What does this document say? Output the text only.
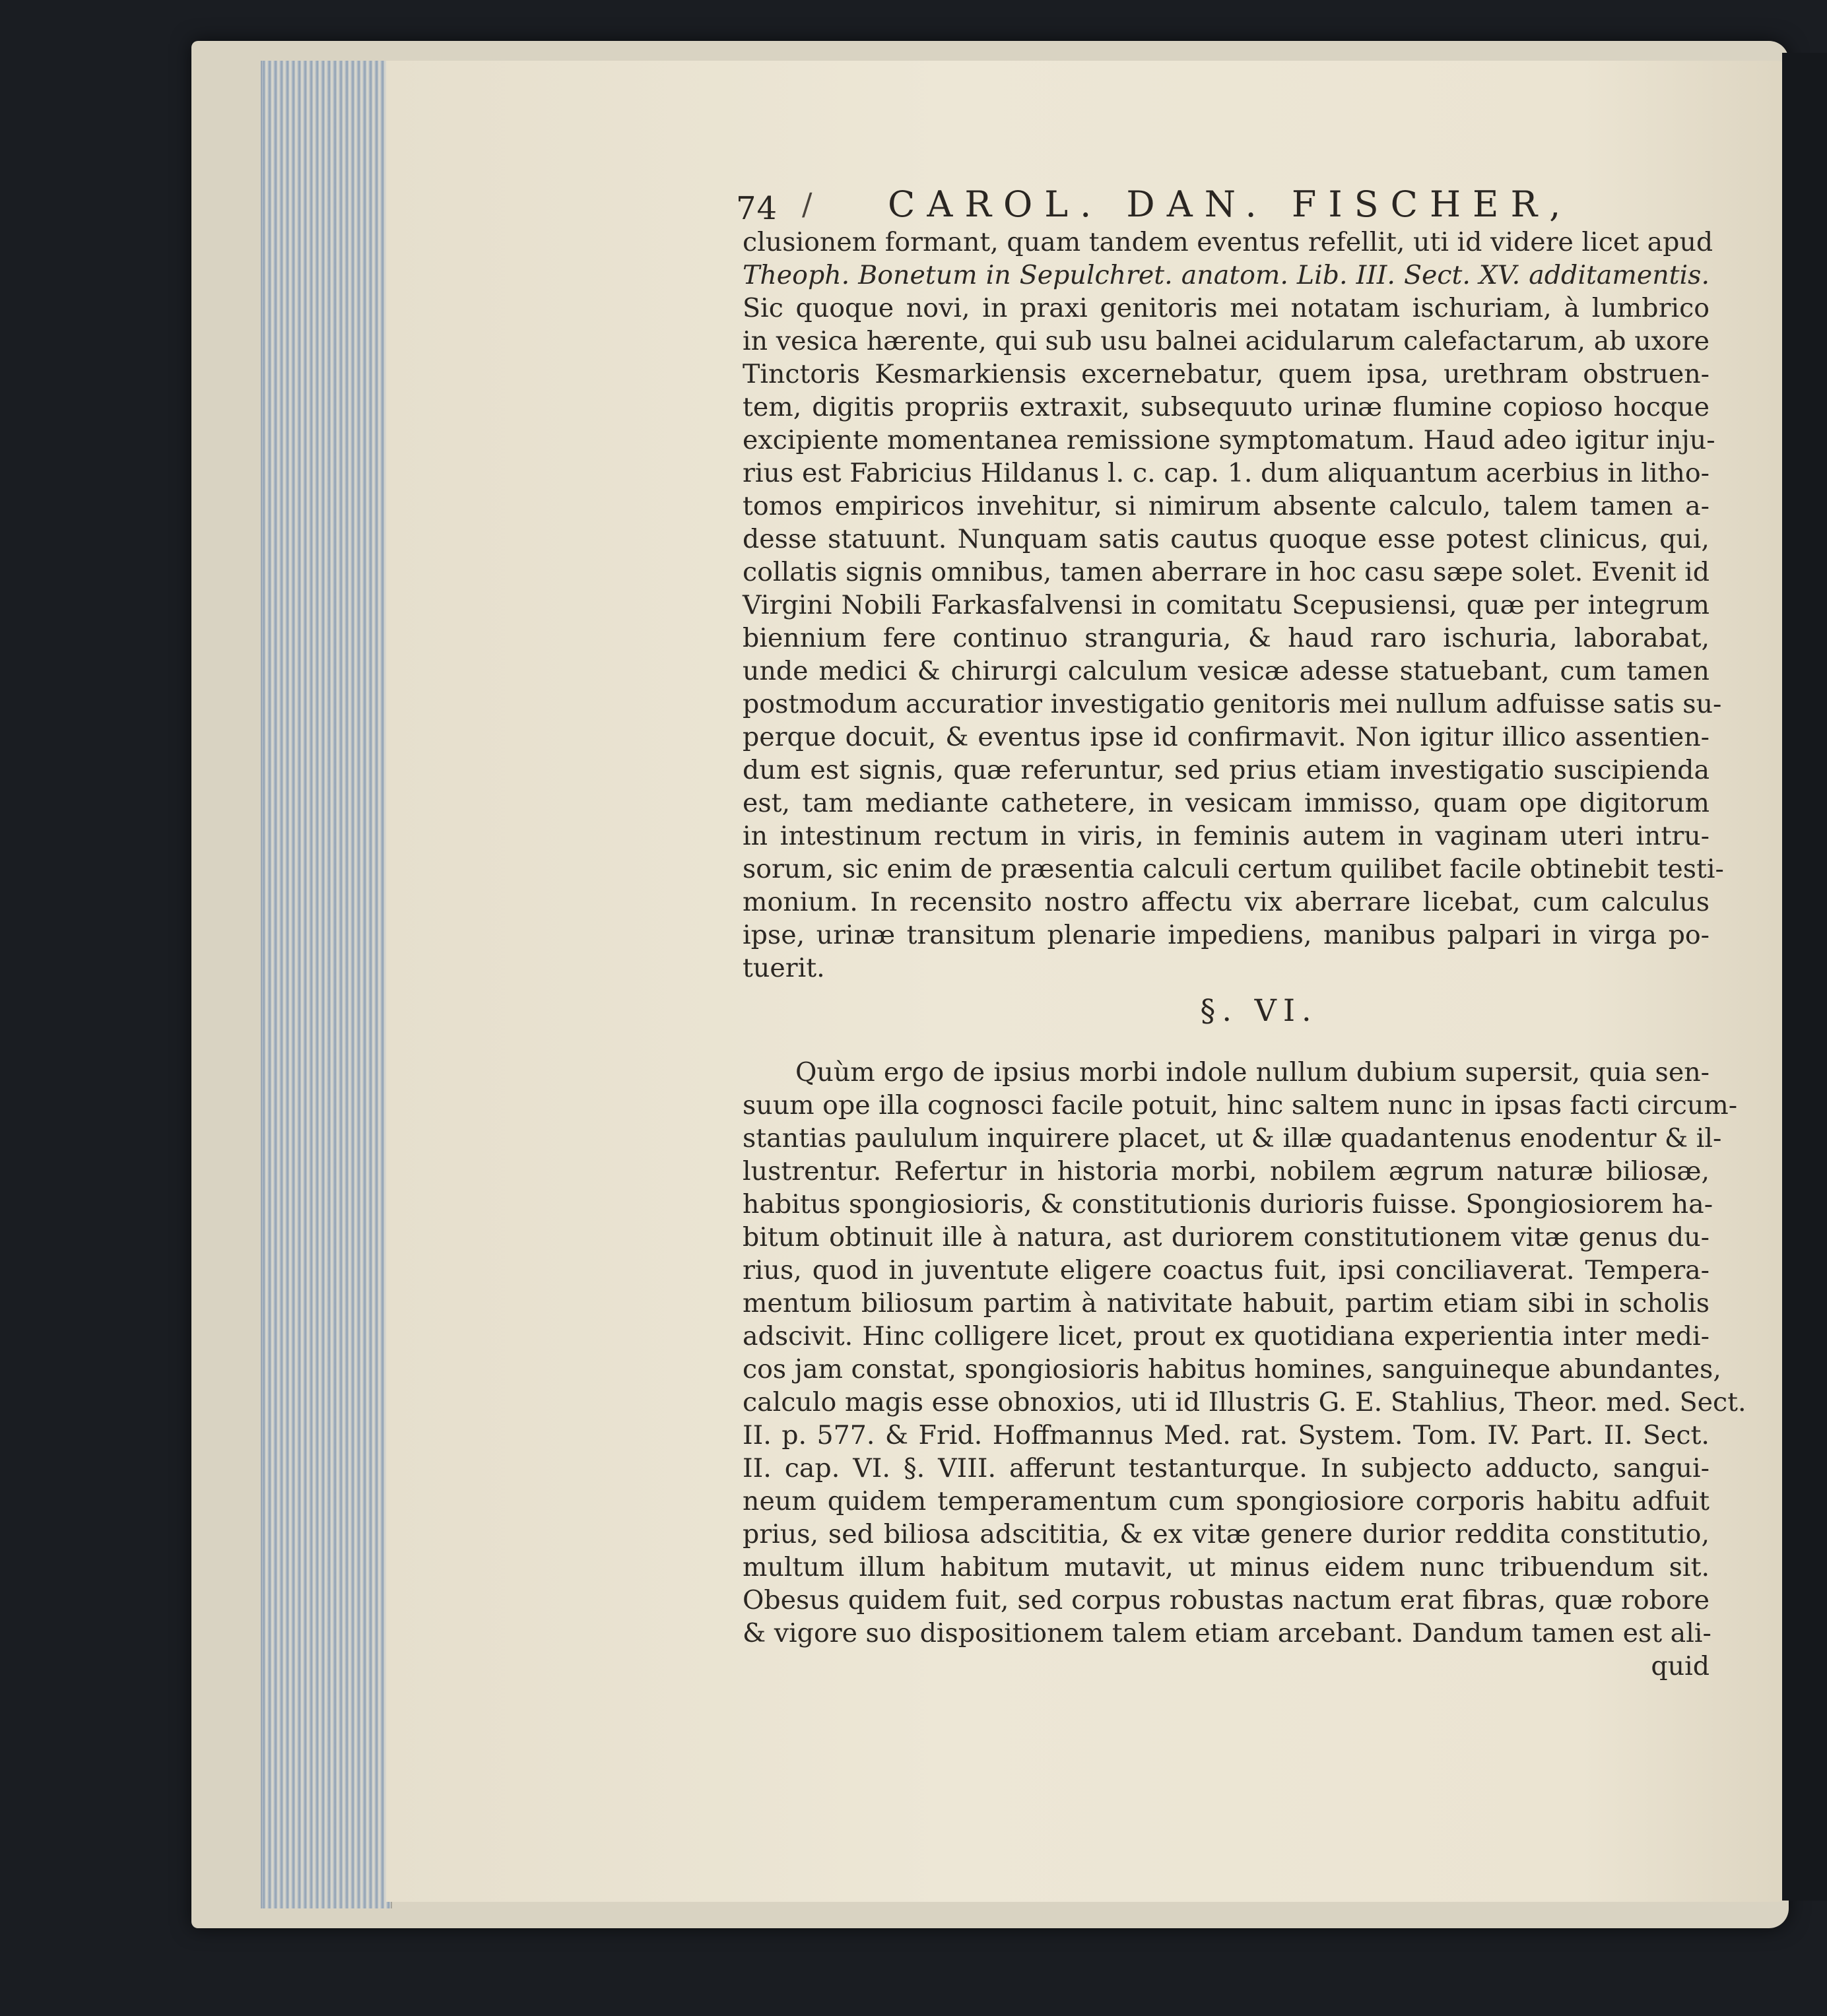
74 / CAROL. DAN. FISCHER,
clusionem formant, quam tandem eventus refellit, uti id videre licet apud
Theoph. Bonetum in Sepulchret. anatom. Lib. III. Sect. XV. additamentis.
Sic quoque novi, in praxi genitoris mei notatam ischuriam, à lumbrico
in vesica hærente, qui sub usu balnei acidularum calefactarum, ab uxore
Tinctoris Kesmarkiensis excernebatur, quem ipsa, urethram obstruen-
tem, digitis propriis extraxit, subsequuto urinæ flumine copioso hocque
excipiente momentanea remissione symptomatum. Haud adeo igitur inju-
rius est Fabricius Hildanus l. c. cap. 1. dum aliquantum acerbius in litho-
tomos empiricos invehitur, si nimirum absente calculo, talem tamen a-
desse statuunt. Nunquam satis cautus quoque esse potest clinicus, qui,
collatis signis omnibus, tamen aberrare in hoc casu sæpe solet. Evenit id
Virgini Nobili Farkasfalvensi in comitatu Scepusiensi, quæ per integrum
biennium fere continuo stranguria, & haud raro ischuria, laborabat,
unde medici & chirurgi calculum vesicæ adesse statuebant, cum tamen
postmodum accuratior investigatio genitoris mei nullum adfuisse satis su-
perque docuit, & eventus ipse id confirmavit. Non igitur illico assentien-
dum est signis, quæ referuntur, sed prius etiam investigatio suscipienda
est, tam mediante cathetere, in vesicam immisso, quam ope digitorum
in intestinum rectum in viris, in feminis autem in vaginam uteri intru-
sorum, sic enim de præsentia calculi certum quilibet facile obtinebit testi-
monium. In recensito nostro affectu vix aberrare licebat, cum calculus
ipse, urinæ transitum plenarie impediens, manibus palpari in virga po-
tuerit.
§. VI.
Quùm ergo de ipsius morbi indole nullum dubium supersit, quia sen-
suum ope illa cognosci facile potuit, hinc saltem nunc in ipsas facti circum-
stantias paululum inquirere placet, ut & illæ quadantenus enodentur & il-
lustrentur. Refertur in historia morbi, nobilem ægrum naturæ biliosæ,
habitus spongiosioris, & constitutionis durioris fuisse. Spongiosiorem ha-
bitum obtinuit ille à natura, ast duriorem constitutionem vitæ genus du-
rius, quod in juventute eligere coactus fuit, ipsi conciliaverat. Tempera-
mentum biliosum partim à nativitate habuit, partim etiam sibi in scholis
adscivit. Hinc colligere licet, prout ex quotidiana experientia inter medi-
cos jam constat, spongiosioris habitus homines, sanguineque abundantes,
calculo magis esse obnoxios, uti id Illustris G. E. Stahlius, Theor. med. Sect.
II. p. 577. & Frid. Hoffmannus Med. rat. System. Tom. IV. Part. II. Sect.
II. cap. VI. §. VIII. afferunt testanturque. In subjecto adducto, sangui-
neum quidem temperamentum cum spongiosiore corporis habitu adfuit
prius, sed biliosa adscititia, & ex vitæ genere durior reddita constitutio,
multum illum habitum mutavit, ut minus eidem nunc tribuendum sit.
Obesus quidem fuit, sed corpus robustas nactum erat fibras, quæ robore
& vigore suo dispositionem talem etiam arcebant. Dandum tamen est ali-
quid
